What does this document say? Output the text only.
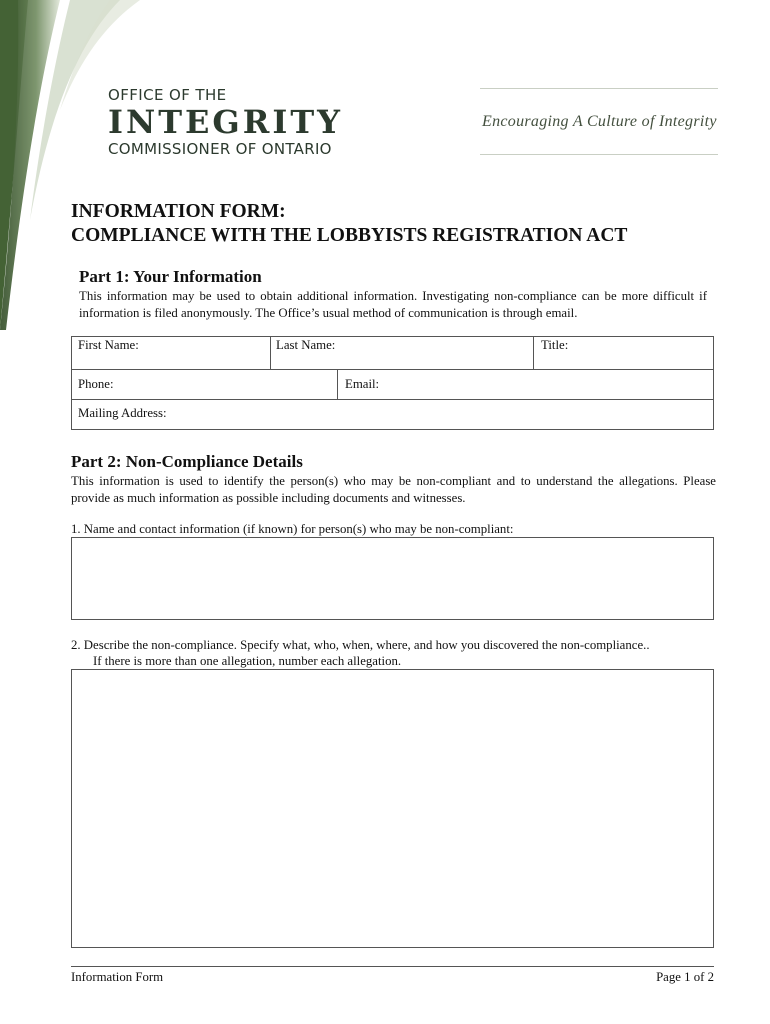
OFFICE OF THE
INTEGRITY
COMMISSIONER OF ONTARIO
Encouraging A Culture of Integrity
INFORMATION FORM:
COMPLIANCE WITH THE LOBBYISTS REGISTRATION ACT
Part 1: Your Information
This information may be used to obtain additional information. Investigating non-compliance can be more difficult if information is filed anonymously. The Office’s usual method of communication is through email.
First Name:	Last Name:	Title:
Phone:	Email:
Mailing Address:
Part 2: Non-Compliance Details
This information is used to identify the person(s) who may be non-compliant and to understand the allegations. Please provide as much information as possible including documents and witnesses.
1. Name and contact information (if known) for person(s) who may be non-compliant:
2. Describe the non-compliance. Specify what, who, when, where, and how you discovered the non-compliance..
If there is more than one allegation, number each allegation.
Information Form	Page 1 of 2
